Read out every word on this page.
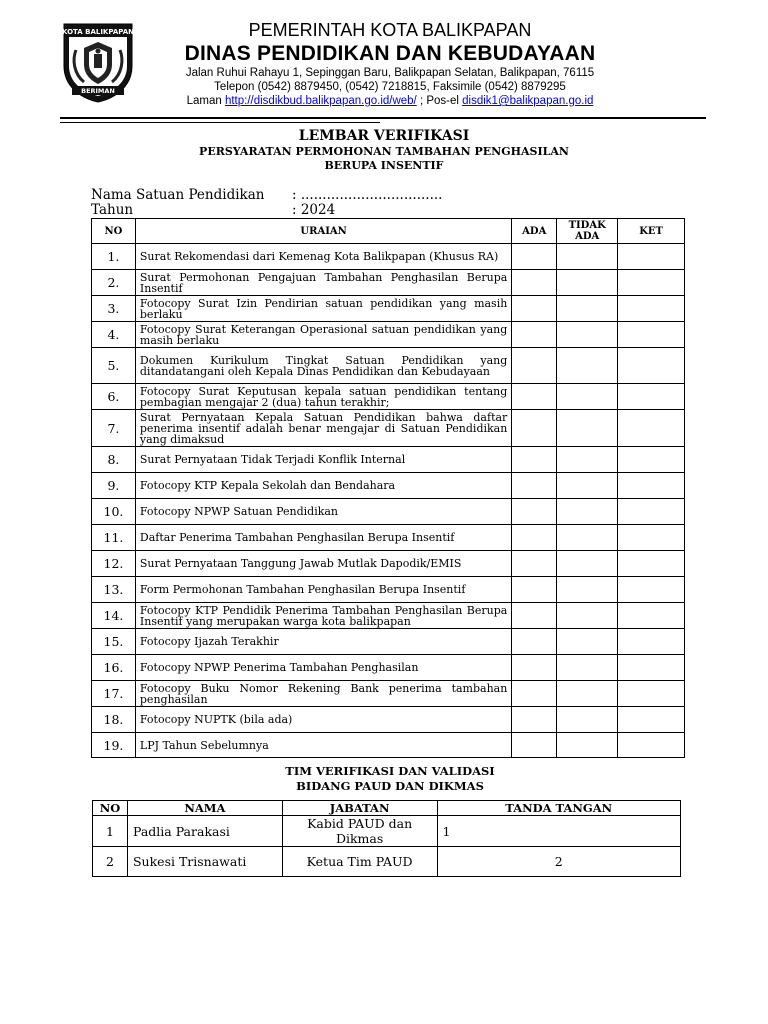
KOTA BALIKPAPAN
BERIMAN
PEMERINTAH KOTA BALIKPAPAN
DINAS PENDIDIKAN DAN KEBUDAYAAN
Jalan Ruhui Rahayu 1, Sepinggan Baru, Balikpapan Selatan, Balikpapan, 76115
Telepon (0542) 8879450, (0542) 7218815, Faksimile (0542) 8879295
Laman http://disdikbud.balikpapan.go.id/web/ ; Pos-el disdik1@balikpapan.go.id
LEMBAR VERIFIKASI
PERSYARATAN PERMOHONAN TAMBAHAN PENGHASILAN
BERUPA INSENTIF
Nama Satuan Pendidikan	: .................................
Tahun	: 2024
NO	URAIAN	ADA	TIDAK ADA	KET
1.	Surat Rekomendasi dari Kemenag Kota Balikpapan (Khusus RA)			
2.	Surat Permohonan Pengajuan Tambahan Penghasilan Berupa Insentif			
3.	Fotocopy Surat Izin Pendirian satuan pendidikan yang masih berlaku			
4.	Fotocopy Surat Keterangan Operasional satuan pendidikan yang masih berlaku			
5.	Dokumen Kurikulum Tingkat Satuan Pendidikan yang ditandatangani oleh Kepala Dinas Pendidikan dan Kebudayaan			
6.	Fotocopy Surat Keputusan kepala satuan pendidikan tentang pembagian mengajar 2 (dua) tahun terakhir;			
7.	Surat Pernyataan Kepala Satuan Pendidikan bahwa daftar penerima insentif adalah benar mengajar di Satuan Pendidikan yang dimaksud			
8.	Surat Pernyataan Tidak Terjadi Konflik Internal			
9.	Fotocopy KTP Kepala Sekolah dan Bendahara			
10.	Fotocopy NPWP Satuan Pendidikan			
11.	Daftar Penerima Tambahan Penghasilan Berupa Insentif			
12.	Surat Pernyataan Tanggung Jawab Mutlak Dapodik/EMIS			
13.	Form Permohonan Tambahan Penghasilan Berupa Insentif			
14.	Fotocopy KTP Pendidik Penerima Tambahan Penghasilan Berupa Insentif yang merupakan warga kota balikpapan			
15.	Fotocopy Ijazah Terakhir			
16.	Fotocopy NPWP Penerima Tambahan Penghasilan			
17.	Fotocopy Buku Nomor Rekening Bank penerima tambahan penghasilan			
18.	Fotocopy NUPTK (bila ada)			
19.	LPJ Tahun Sebelumnya			
TIM VERIFIKASI DAN VALIDASI
BIDANG PAUD DAN DIKMAS
NO	NAMA	JABATAN	TANDA TANGAN
1	Padlia Parakasi	Kabid PAUD dan Dikmas	1

2	Sukesi Trisnawati	Ketua Tim PAUD	2
